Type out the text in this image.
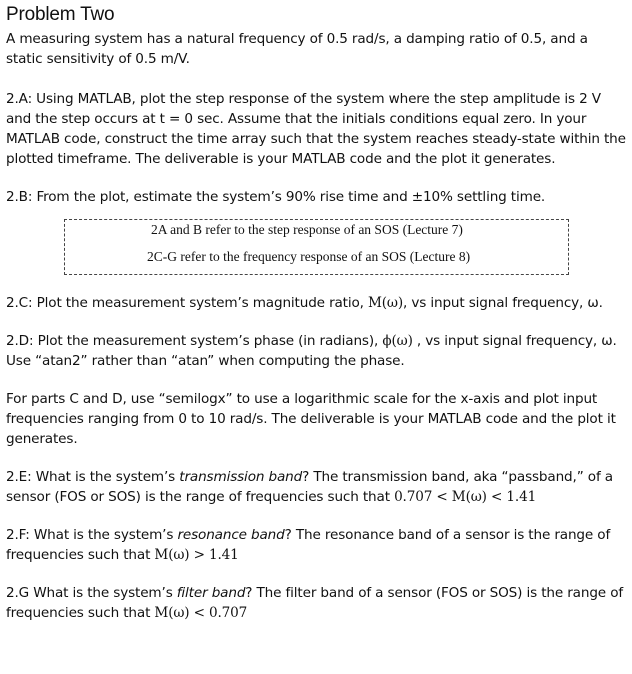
Problem Two

A measuring system has a natural frequency of 0.5 rad/s, a damping ratio of 0.5, and a static sensitivity of 0.5 m/V.

2.A: Using MATLAB, plot the step response of the system where the step amplitude is 2 V and the step occurs at t = 0 sec. Assume that the initials conditions equal zero. In your MATLAB code, construct the time array such that the system reaches steady-state within the plotted timeframe. The deliverable is your MATLAB code and the plot it generates.

2.B: From the plot, estimate the system’s 90% rise time and ±10% settling time.

2A and B refer to the step response of an SOS (Lecture 7)
2C-G refer to the frequency response of an SOS (Lecture 8)

2.C: Plot the measurement system’s magnitude ratio, M(ω), vs input signal frequency, ω.

2.D: Plot the measurement system’s phase (in radians), ϕ(ω) , vs input signal frequency, ω.
Use “atan2” rather than “atan” when computing the phase.

For parts C and D, use “semilogx” to use a logarithmic scale for the x-axis and plot input frequencies ranging from 0 to 10 rad/s. The deliverable is your MATLAB code and the plot it generates.

2.E: What is the system’s transmission band? The transmission band, aka “passband,” of a sensor (FOS or SOS) is the range of frequencies such that 0.707 < M(ω) < 1.41

2.F: What is the system’s resonance band? The resonance band of a sensor is the range of frequencies such that M(ω) > 1.41

2.G What is the system’s filter band? The filter band of a sensor (FOS or SOS) is the range of frequencies such that M(ω) < 0.707
